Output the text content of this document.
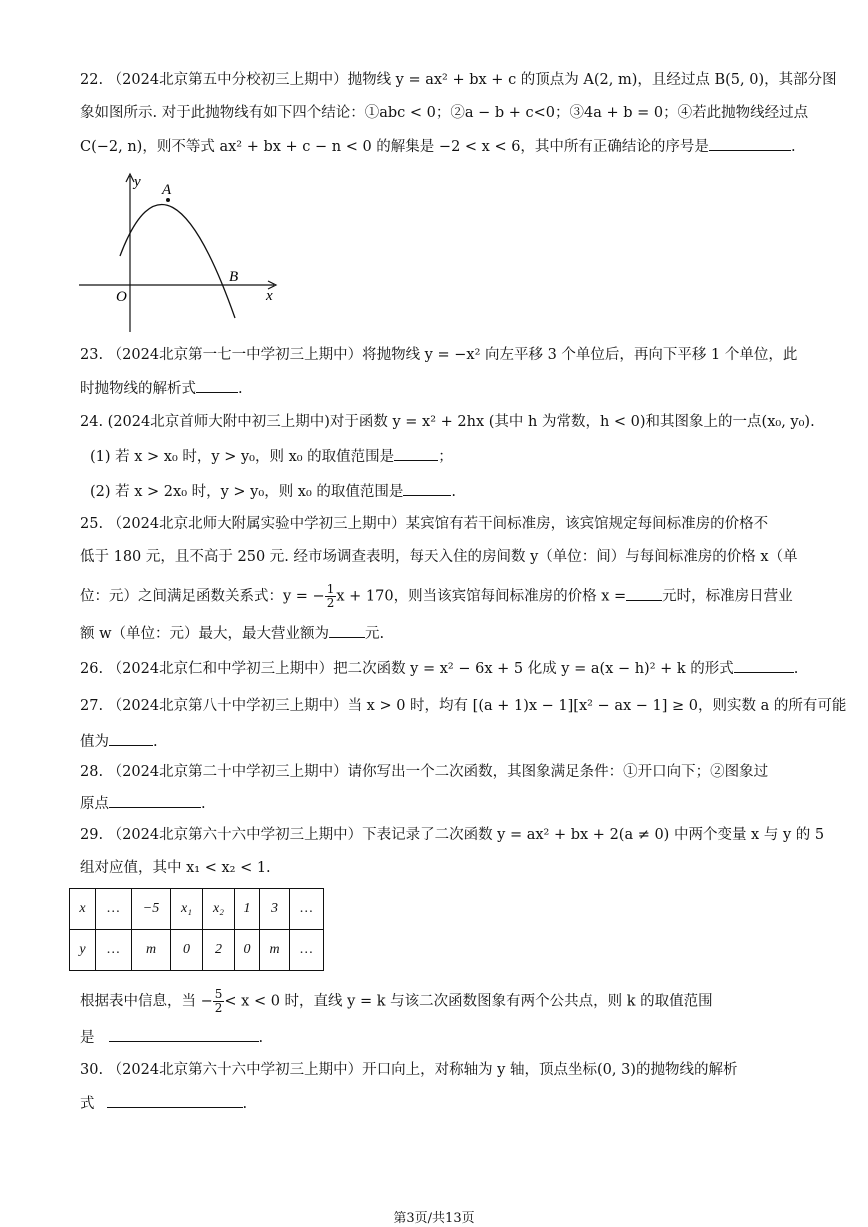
22. （2024北京第五中分校初三上期中）抛物线 y = ax² + bx + c 的顶点为 A(2, m)，且经过点 B(5, 0)，其部分图
象如图所示. 对于此抛物线有如下四个结论：①abc < 0；②a − b + c<0；③4a + b = 0；④若此抛物线经过点
C(−2, n)，则不等式 ax² + bx + c − n < 0 的解集是 −2 < x < 6，其中所有正确结论的序号是	.
y
x
O
A
B
23. （2024北京第一七一中学初三上期中）将抛物线 y = −x² 向左平移 3 个单位后，再向下平移 1 个单位，此
时抛物线的解析式	.
24. (2024北京首师大附中初三上期中)对于函数 y = x² + 2hx (其中 h 为常数，h < 0)和其图象上的一点(x₀, y₀).
(1) 若 x > x₀ 时，y > y₀，则 x₀ 的取值范围是	；
(2) 若 x > 2x₀ 时，y > y₀，则 x₀ 的取值范围是	.
25. （2024北京北师大附属实验中学初三上期中）某宾馆有若干间标准房，该宾馆规定每间标准房的价格不
低于 180 元，且不高于 250 元. 经市场调查表明，每天入住的房间数 y（单位：间）与每间标准房的价格 x（单
位：元）之间满足函数关系式：y = − $\frac{1}{2}$ x + 170，则当该宾馆每间标准房的价格 x = 元时，标准房日营业
额 w（单位：元）最大，最大营业额为 元.
26. （2024北京仁和中学初三上期中）把二次函数 y = x² − 6x + 5 化成 y = a(x − h)² + k 的形式	.
27. （2024北京第八十中学初三上期中）当 x > 0 时，均有 [(a + 1)x − 1][x² − ax − 1] ≥ 0，则实数 a 的所有可能
值为	.
28. （2024北京第二十中学初三上期中）请你写出一个二次函数，其图象满足条件：①开口向下；②图象过
原点	.
29. （2024北京第六十六中学初三上期中）下表记录了二次函数 y = ax² + bx + 2(a ≠ 0) 中两个变量 x 与 y 的 5
组对应值，其中 x₁ < x₂ < 1.
x	…	−5	x₁	x₂	1	3	…
y	…	m	0	2	0	m	…
根据表中信息，当 − $\frac{5}{2} < x < 0$ 时，直线 y = k 与该二次函数图象有两个公共点，则 k 的取值范围
是	.
30. （2024北京第六十六中学初三上期中）开口向上，对称轴为 y 轴，顶点坐标(0, 3)的抛物线的解析
式	.
第3页/共13页
